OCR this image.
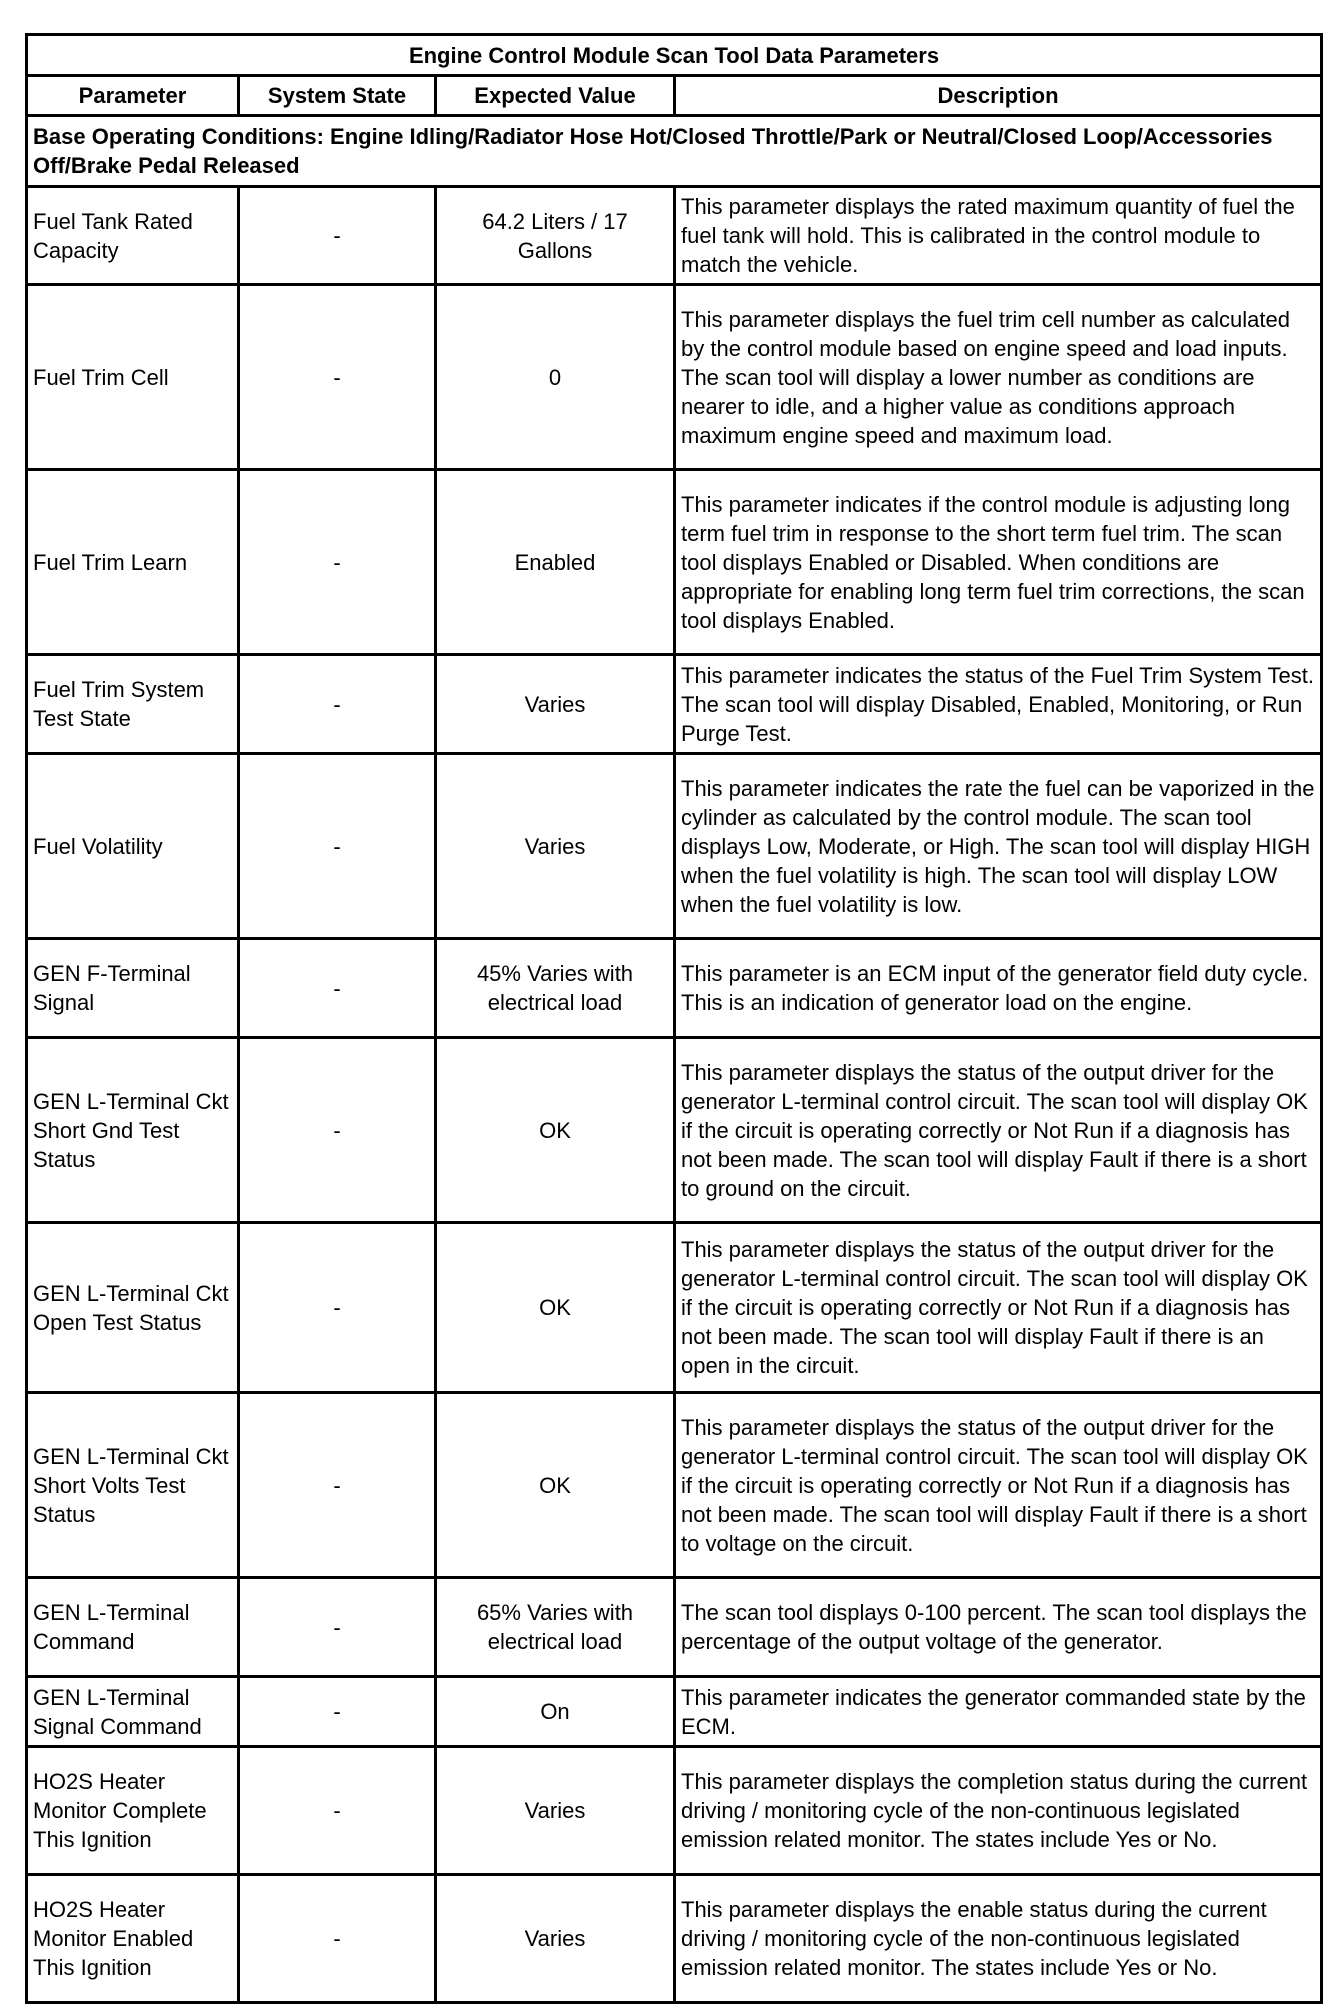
Engine Control Module Scan Tool Data Parameters			
Parameter	System State	Expected Value	Description
Base Operating Conditions: Engine Idling/Radiator Hose Hot/Closed Throttle/Park or Neutral/Closed Loop/Accessories Off/Brake Pedal Released			
Fuel Tank Rated Capacity	-	64.2 Liters / 17 Gallons	This parameter displays the rated maximum quantity of fuel the fuel tank will hold. This is calibrated in the control module to match the vehicle.
Fuel Trim Cell	-	0	This parameter displays the fuel trim cell number as calculated by the control module based on engine speed and load inputs. The scan tool will display a lower number as conditions are nearer to idle, and a higher value as conditions approach maximum engine speed and maximum load.
Fuel Trim Learn	-	Enabled	This parameter indicates if the control module is adjusting long term fuel trim in response to the short term fuel trim. The scan tool displays Enabled or Disabled. When conditions are appropriate for enabling long term fuel trim corrections, the scan tool displays Enabled.
Fuel Trim System Test State	-	Varies	This parameter indicates the status of the Fuel Trim System Test. The scan tool will display Disabled, Enabled, Monitoring, or Run Purge Test.
Fuel Volatility	-	Varies	This parameter indicates the rate the fuel can be vaporized in the cylinder as calculated by the control module. The scan tool displays Low, Moderate, or High. The scan tool will display HIGH when the fuel volatility is high. The scan tool will display LOW when the fuel volatility is low.
GEN F-Terminal Signal	-	45% Varies with electrical load	This parameter is an ECM input of the generator field duty cycle. This is an indication of generator load on the engine.
GEN L-Terminal Ckt Short Gnd Test Status	-	OK	This parameter displays the status of the output driver for the generator L-terminal control circuit. The scan tool will display OK if the circuit is operating correctly or Not Run if a diagnosis has not been made. The scan tool will display Fault if there is a short to ground on the circuit.
GEN L-Terminal Ckt Open Test Status	-	OK	This parameter displays the status of the output driver for the generator L-terminal control circuit. The scan tool will display OK if the circuit is operating correctly or Not Run if a diagnosis has not been made. The scan tool will display Fault if there is an open in the circuit.
GEN L-Terminal Ckt Short Volts Test Status	-	OK	This parameter displays the status of the output driver for the generator L-terminal control circuit. The scan tool will display OK if the circuit is operating correctly or Not Run if a diagnosis has not been made. The scan tool will display Fault if there is a short to voltage on the circuit.
GEN L-Terminal Command	-	65% Varies with electrical load	The scan tool displays 0-100 percent. The scan tool displays the percentage of the output voltage of the generator.
GEN L-Terminal Signal Command	-	On	This parameter indicates the generator commanded state by the ECM.
HO2S Heater Monitor Complete This Ignition	-	Varies	This parameter displays the completion status during the current driving / monitoring cycle of the non-continuous legislated emission related monitor. The states include Yes or No.
HO2S Heater Monitor Enabled This Ignition	-	Varies	This parameter displays the enable status during the current driving / monitoring cycle of the non-continuous legislated emission related monitor. The states include Yes or No.
